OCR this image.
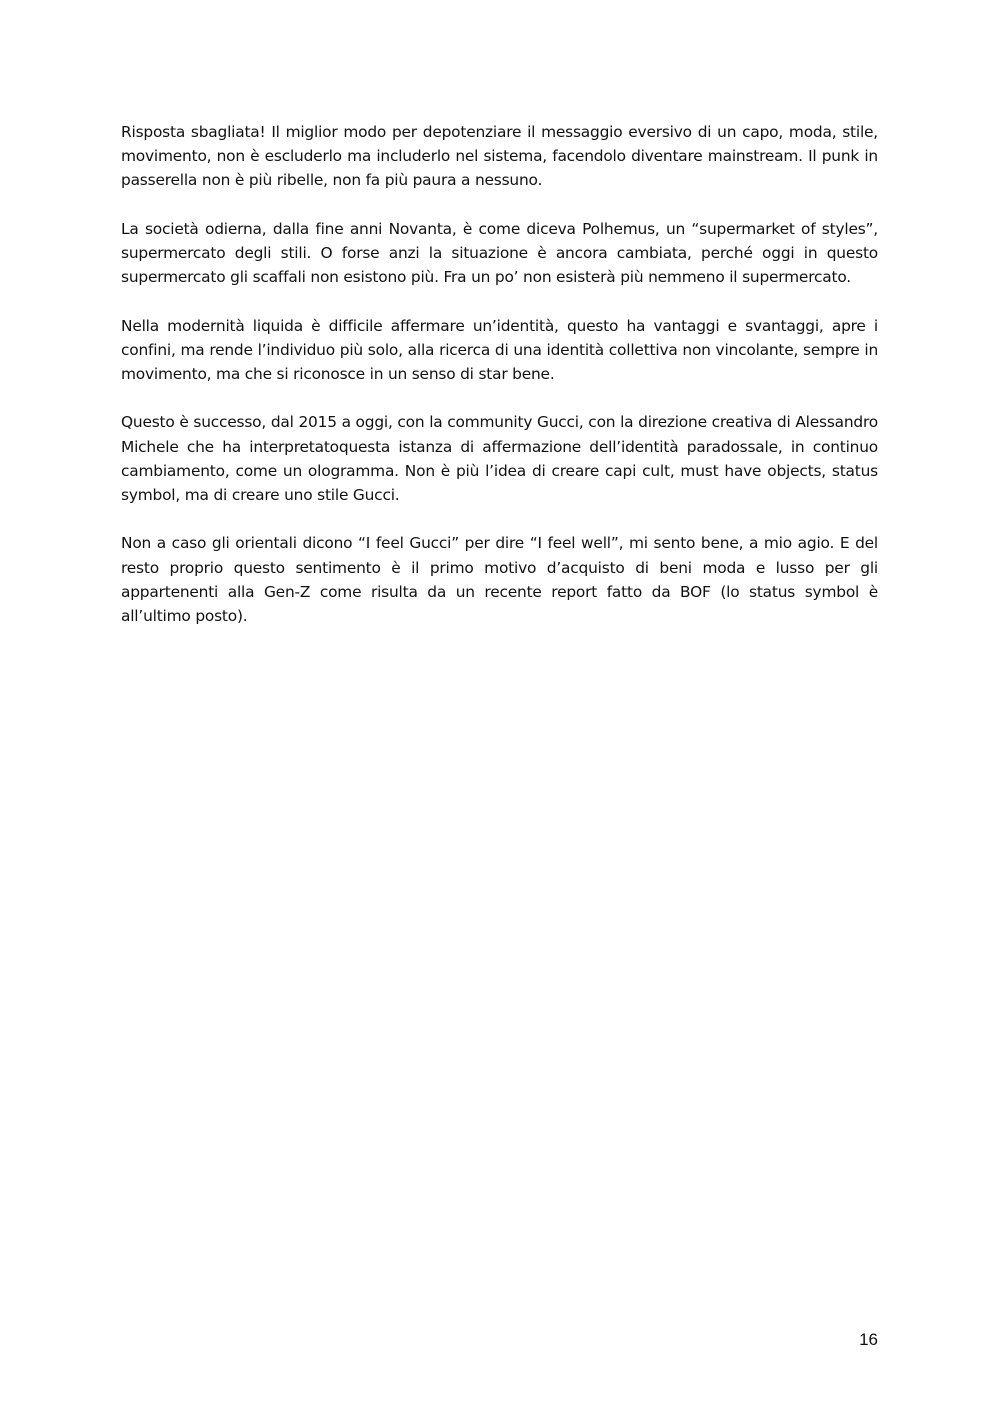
Risposta sbagliata! Il miglior modo per depotenziare il messaggio eversivo di un capo, moda, stile, movimento, non è escluderlo ma includerlo nel sistema, facendolo diventare mainstream. Il punk in passerella non è più ribelle, non fa più paura a nessuno.

La società odierna, dalla fine anni Novanta, è come diceva Polhemus, un “supermarket of styles”, supermercato degli stili. O forse anzi la situazione è ancora cambiata, perché oggi in questo supermercato gli scaffali non esistono più. Fra un po’ non esisterà più nemmeno il supermercato.

Nella modernità liquida è difficile affermare un’identità, questo ha vantaggi e svantaggi, apre i confini, ma rende l’individuo più solo, alla ricerca di una identità collettiva non vincolante, sempre in movimento, ma che si riconosce in un senso di star bene.

Questo è successo, dal 2015 a oggi, con la community Gucci, con la direzione creativa di Alessandro Michele che ha interpretatoquesta istanza di affermazione dell’identità paradossale, in continuo cambiamento, come un ologramma. Non è più l’idea di creare capi cult, must have objects, status symbol, ma di creare uno stile Gucci.

Non a caso gli orientali dicono “I feel Gucci” per dire “I feel well”, mi sento bene, a mio agio. E del resto proprio questo sentimento è il primo motivo d’acquisto di beni moda e lusso per gli appartenenti alla Gen-Z come risulta da un recente report fatto da BOF (lo status symbol è all’ultimo posto).

16
